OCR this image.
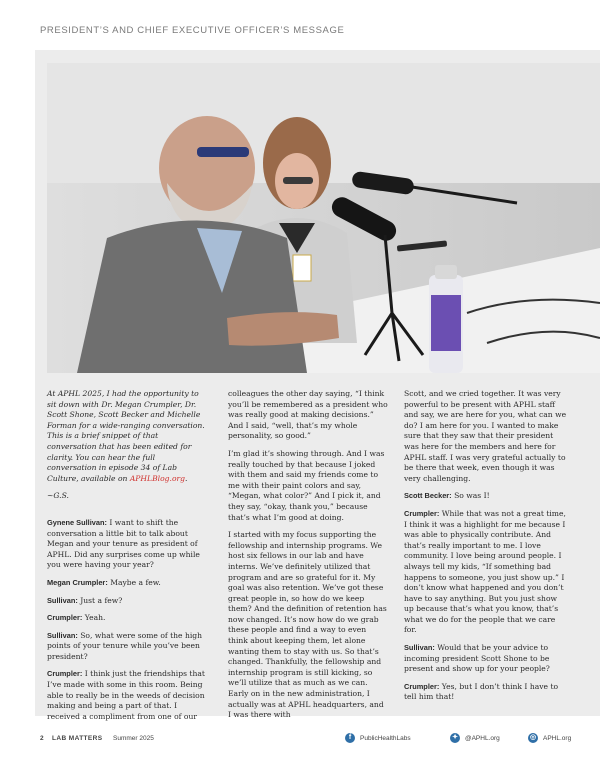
PRESIDENT’S AND CHIEF EXECUTIVE OFFICER’S MESSAGE

At APHL 2025, I had the opportunity to sit down with Dr. Megan Crumpler, Dr. Scott Shone, Scott Becker and Michelle Forman for a wide-ranging conversation. This is a brief snippet of that conversation that has been edited for clarity. You can hear the full conversation in episode 34 of Lab Culture, available on APHLBlog.org.

~G.S.

Gynene Sullivan: I want to shift the conversation a little bit to talk about Megan and your tenure as president of APHL. Did any surprises come up while you were having your year?

Megan Crumpler: Maybe a few.

Sullivan: Just a few?

Crumpler: Yeah.

Sullivan: So, what were some of the high points of your tenure while you’ve been president?

Crumpler: I think just the friendships that I’ve made with some in this room. Being able to really be in the weeds of decision making and being a part of that. I received a compliment from one of our

colleagues the other day saying, “I think you’ll be remembered as a president who was really good at making decisions.” And I said, “well, that’s my whole personality, so good.”

I’m glad it’s showing through. And I was really touched by that because I joked with them and said my friends come to me with their paint colors and say, “Megan, what color?” And I pick it, and they say, “okay, thank you,” because that’s what I’m good at doing.

I started with my focus supporting the fellowship and internship programs. We host six fellows in our lab and have interns. We’ve definitely utilized that program and are so grateful for it. My goal was also retention. We’ve got these great people in, so how do we keep them? And the definition of retention has now changed. It’s now how do we grab these people and find a way to even think about keeping them, let alone wanting them to stay with us. So that’s changed. Thankfully, the fellowship and internship program is still kicking, so we’ll utilize that as much as we can. Early on in the new administration, I actually was at APHL headquarters, and I was there with

Scott, and we cried together. It was very powerful to be present with APHL staff and say, we are here for you, what can we do? I am here for you. I wanted to make sure that they saw that their president was here for the members and here for APHL staff. I was very grateful actually to be there that week, even though it was very challenging.

Scott Becker: So was I!

Crumpler: While that was not a great time, I think it was a highlight for me because I was able to physically contribute. And that’s really important to me. I love community. I love being around people. I always tell my kids, “If something bad happens to someone, you just show up.” I don’t know what happened and you don’t have to say anything. But you just show up because that’s what you know, that’s what we do for the people that we care for.

Sullivan: Would that be your advice to incoming president Scott Shone to be present and show up for your people?

Crumpler: Yes, but I don’t think I have to tell him that!

2 LAB MATTERS Summer 2025	f	PublicHealthLabs	✦	@APHL.org	◎	APHL.org
